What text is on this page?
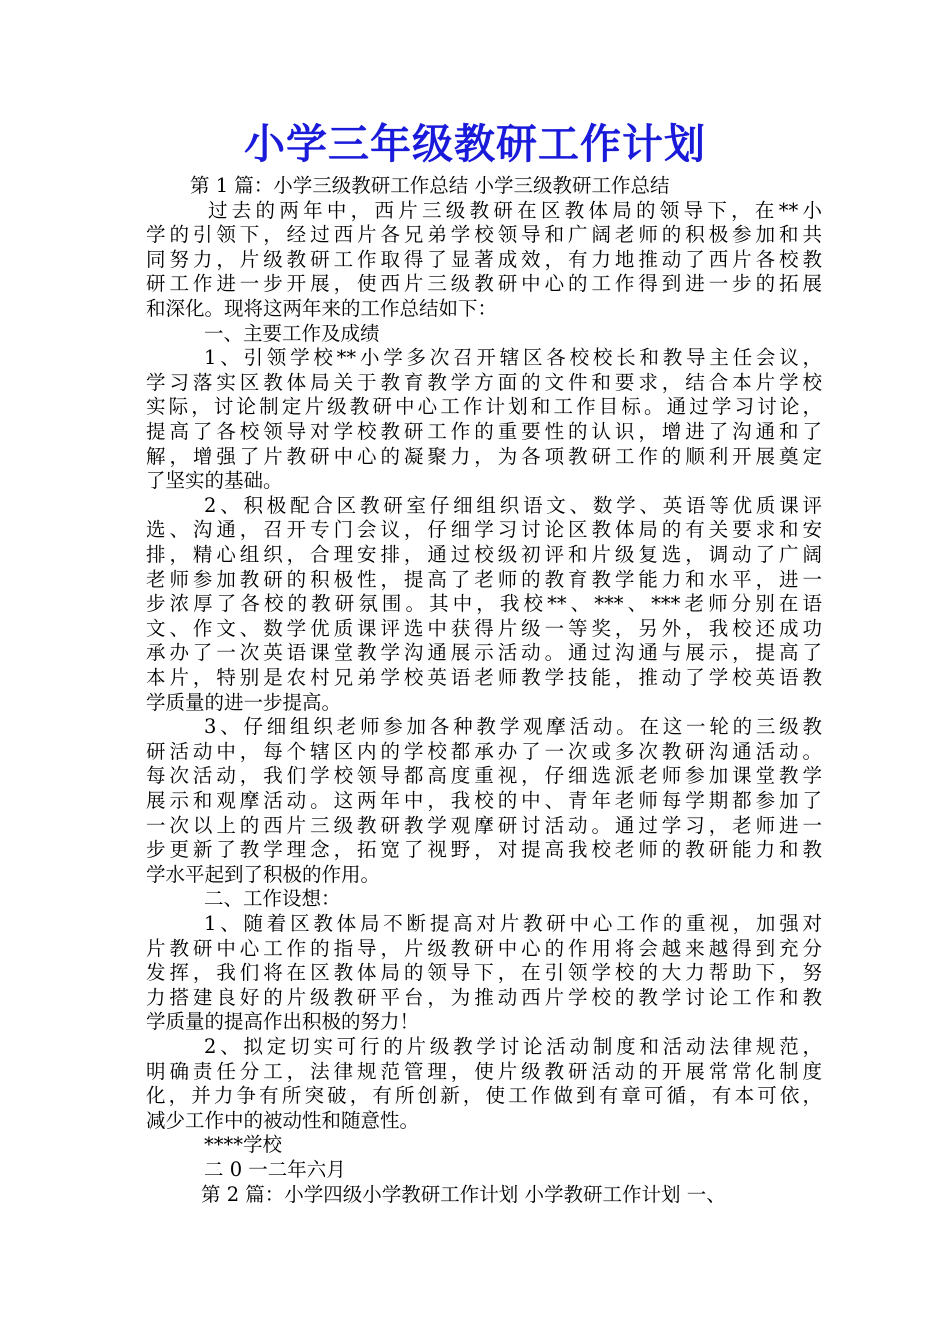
小学三年级教研工作计划
第 1 篇：小学三级教研工作总结 小学三级教研工作总结
过去的两年中，西片三级教研在区教体局的领导下，在**小
学的引领下，经过西片各兄弟学校领导和广阔老师的积极参加和共
同努力，片级教研工作取得了显著成效，有力地推动了西片各校教
研工作进一步开展，使西片三级教研中心的工作得到进一步的拓展
和深化。现将这两年来的工作总结如下：
一、主要工作及成绩
1、引领学校**小学多次召开辖区各校校长和教导主任会议，
学习落实区教体局关于教育教学方面的文件和要求，结合本片学校
实际，讨论制定片级教研中心工作计划和工作目标。通过学习讨论，
提高了各校领导对学校教研工作的重要性的认识，增进了沟通和了
解，增强了片教研中心的凝聚力，为各项教研工作的顺利开展奠定
了坚实的基础。
2、积极配合区教研室仔细组织语文、数学、英语等优质课评
选、沟通，召开专门会议，仔细学习讨论区教体局的有关要求和安
排，精心组织，合理安排，通过校级初评和片级复选，调动了广阔
老师参加教研的积极性，提高了老师的教育教学能力和水平，进一
步浓厚了各校的教研氛围。其中，我校**、***、***老师分别在语
文、作文、数学优质课评选中获得片级一等奖，另外，我校还成功
承办了一次英语课堂教学沟通展示活动。通过沟通与展示，提高了
本片，特别是农村兄弟学校英语老师教学技能，推动了学校英语教
学质量的进一步提高。
3、仔细组织老师参加各种教学观摩活动。在这一轮的三级教
研活动中，每个辖区内的学校都承办了一次或多次教研沟通活动。
每次活动，我们学校领导都高度重视，仔细选派老师参加课堂教学
展示和观摩活动。这两年中，我校的中、青年老师每学期都参加了
一次以上的西片三级教研教学观摩研讨活动。通过学习，老师进一
步更新了教学理念，拓宽了视野，对提高我校老师的教研能力和教
学水平起到了积极的作用。
二、工作设想：
1、随着区教体局不断提高对片教研中心工作的重视，加强对
片教研中心工作的指导，片级教研中心的作用将会越来越得到充分
发挥，我们将在区教体局的领导下，在引领学校的大力帮助下，努
力搭建良好的片级教研平台，为推动西片学校的教学讨论工作和教
学质量的提高作出积极的努力！
2、拟定切实可行的片级教学讨论活动制度和活动法律规范，
明确责任分工，法律规范管理，使片级教研活动的开展常常化制度
化，并力争有所突破，有所创新，使工作做到有章可循，有本可依，
减少工作中的被动性和随意性。
****学校
二 0 一二年六月
第 2 篇：小学四级小学教研工作计划 小学教研工作计划 一、
